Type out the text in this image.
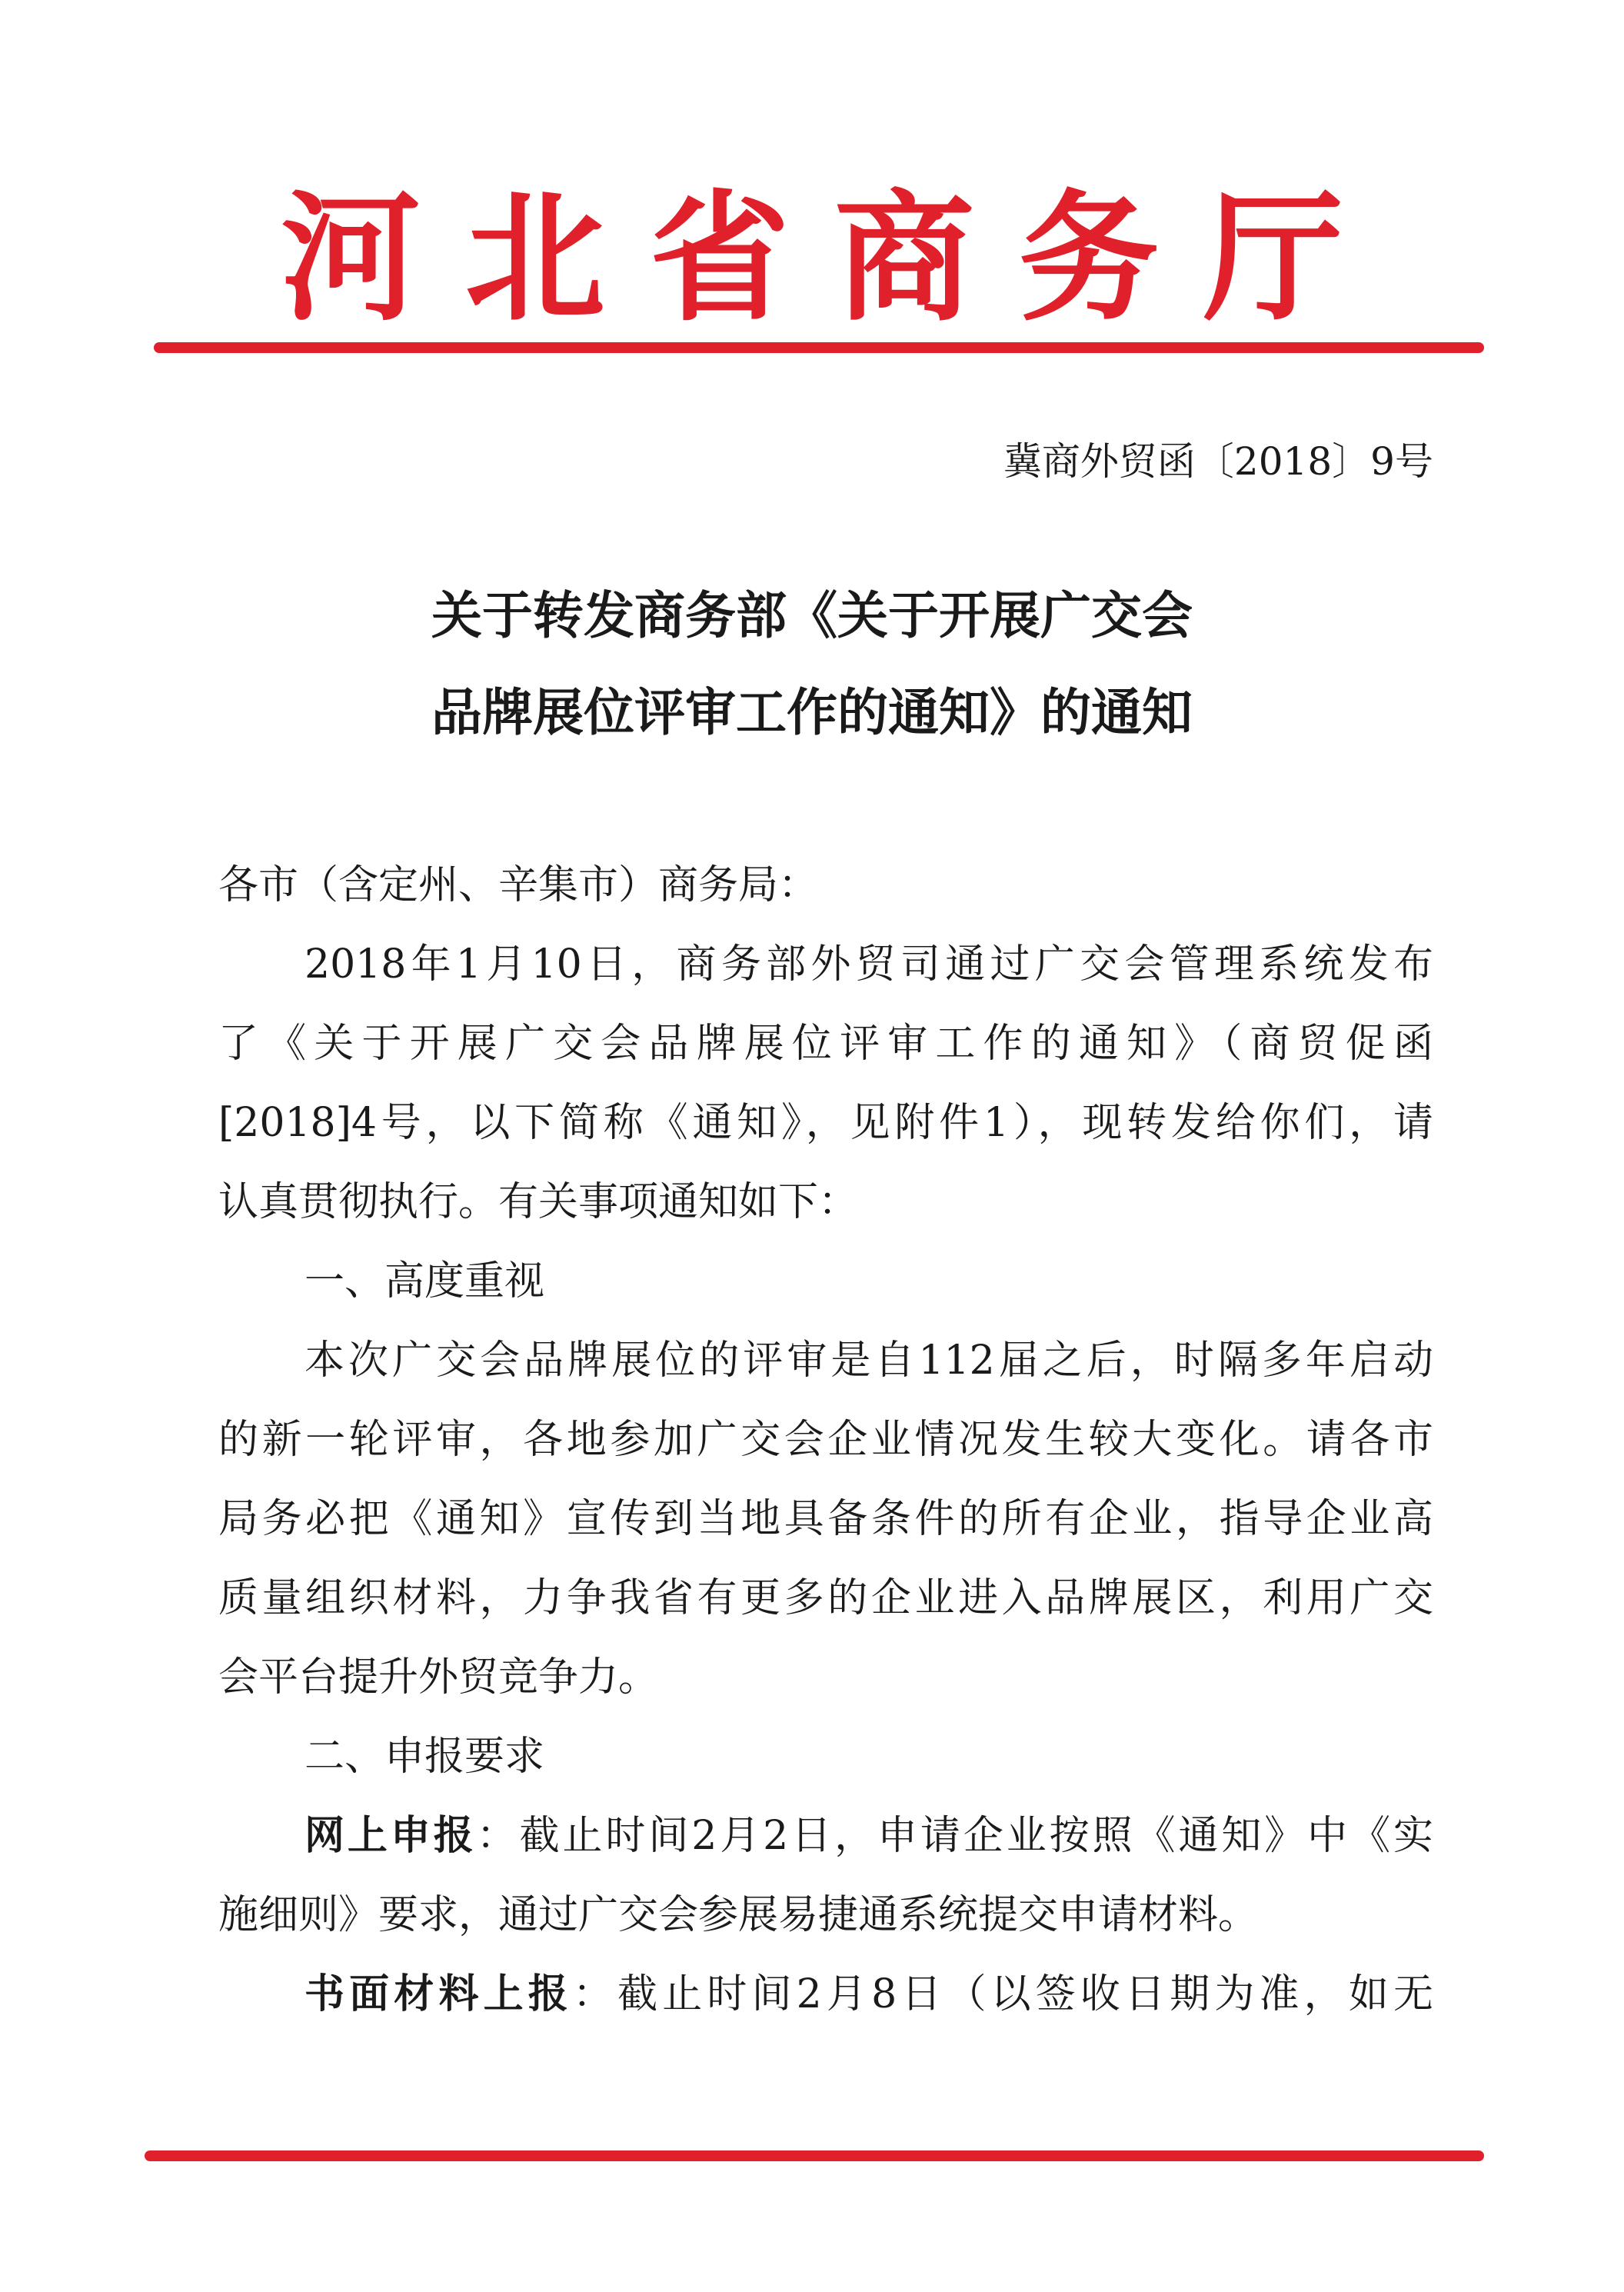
河北省商务厅
冀商外贸函〔2018〕9号
关于转发商务部《关于开展广交会
品牌展位评审工作的通知》的通知
各市（含定州、辛集市）商务局：
2018年1月10日，商务部外贸司通过广交会管理系统发布
了《关于开展广交会品牌展位评审工作的通知》（商贸促函
[2018]4号，以下简称《通知》，见附件1），现转发给你们，请
认真贯彻执行。有关事项通知如下：
一、高度重视
本次广交会品牌展位的评审是自112届之后，时隔多年启动
的新一轮评审，各地参加广交会企业情况发生较大变化。请各市
局务必把《通知》宣传到当地具备条件的所有企业，指导企业高
质量组织材料，力争我省有更多的企业进入品牌展区，利用广交
会平台提升外贸竞争力。
二、申报要求
网上申报：截止时间2月2日，申请企业按照《通知》中《实
施细则》要求，通过广交会参展易捷通系统提交申请材料。
书面材料上报：截止时间2月8日（以签收日期为准，如无
